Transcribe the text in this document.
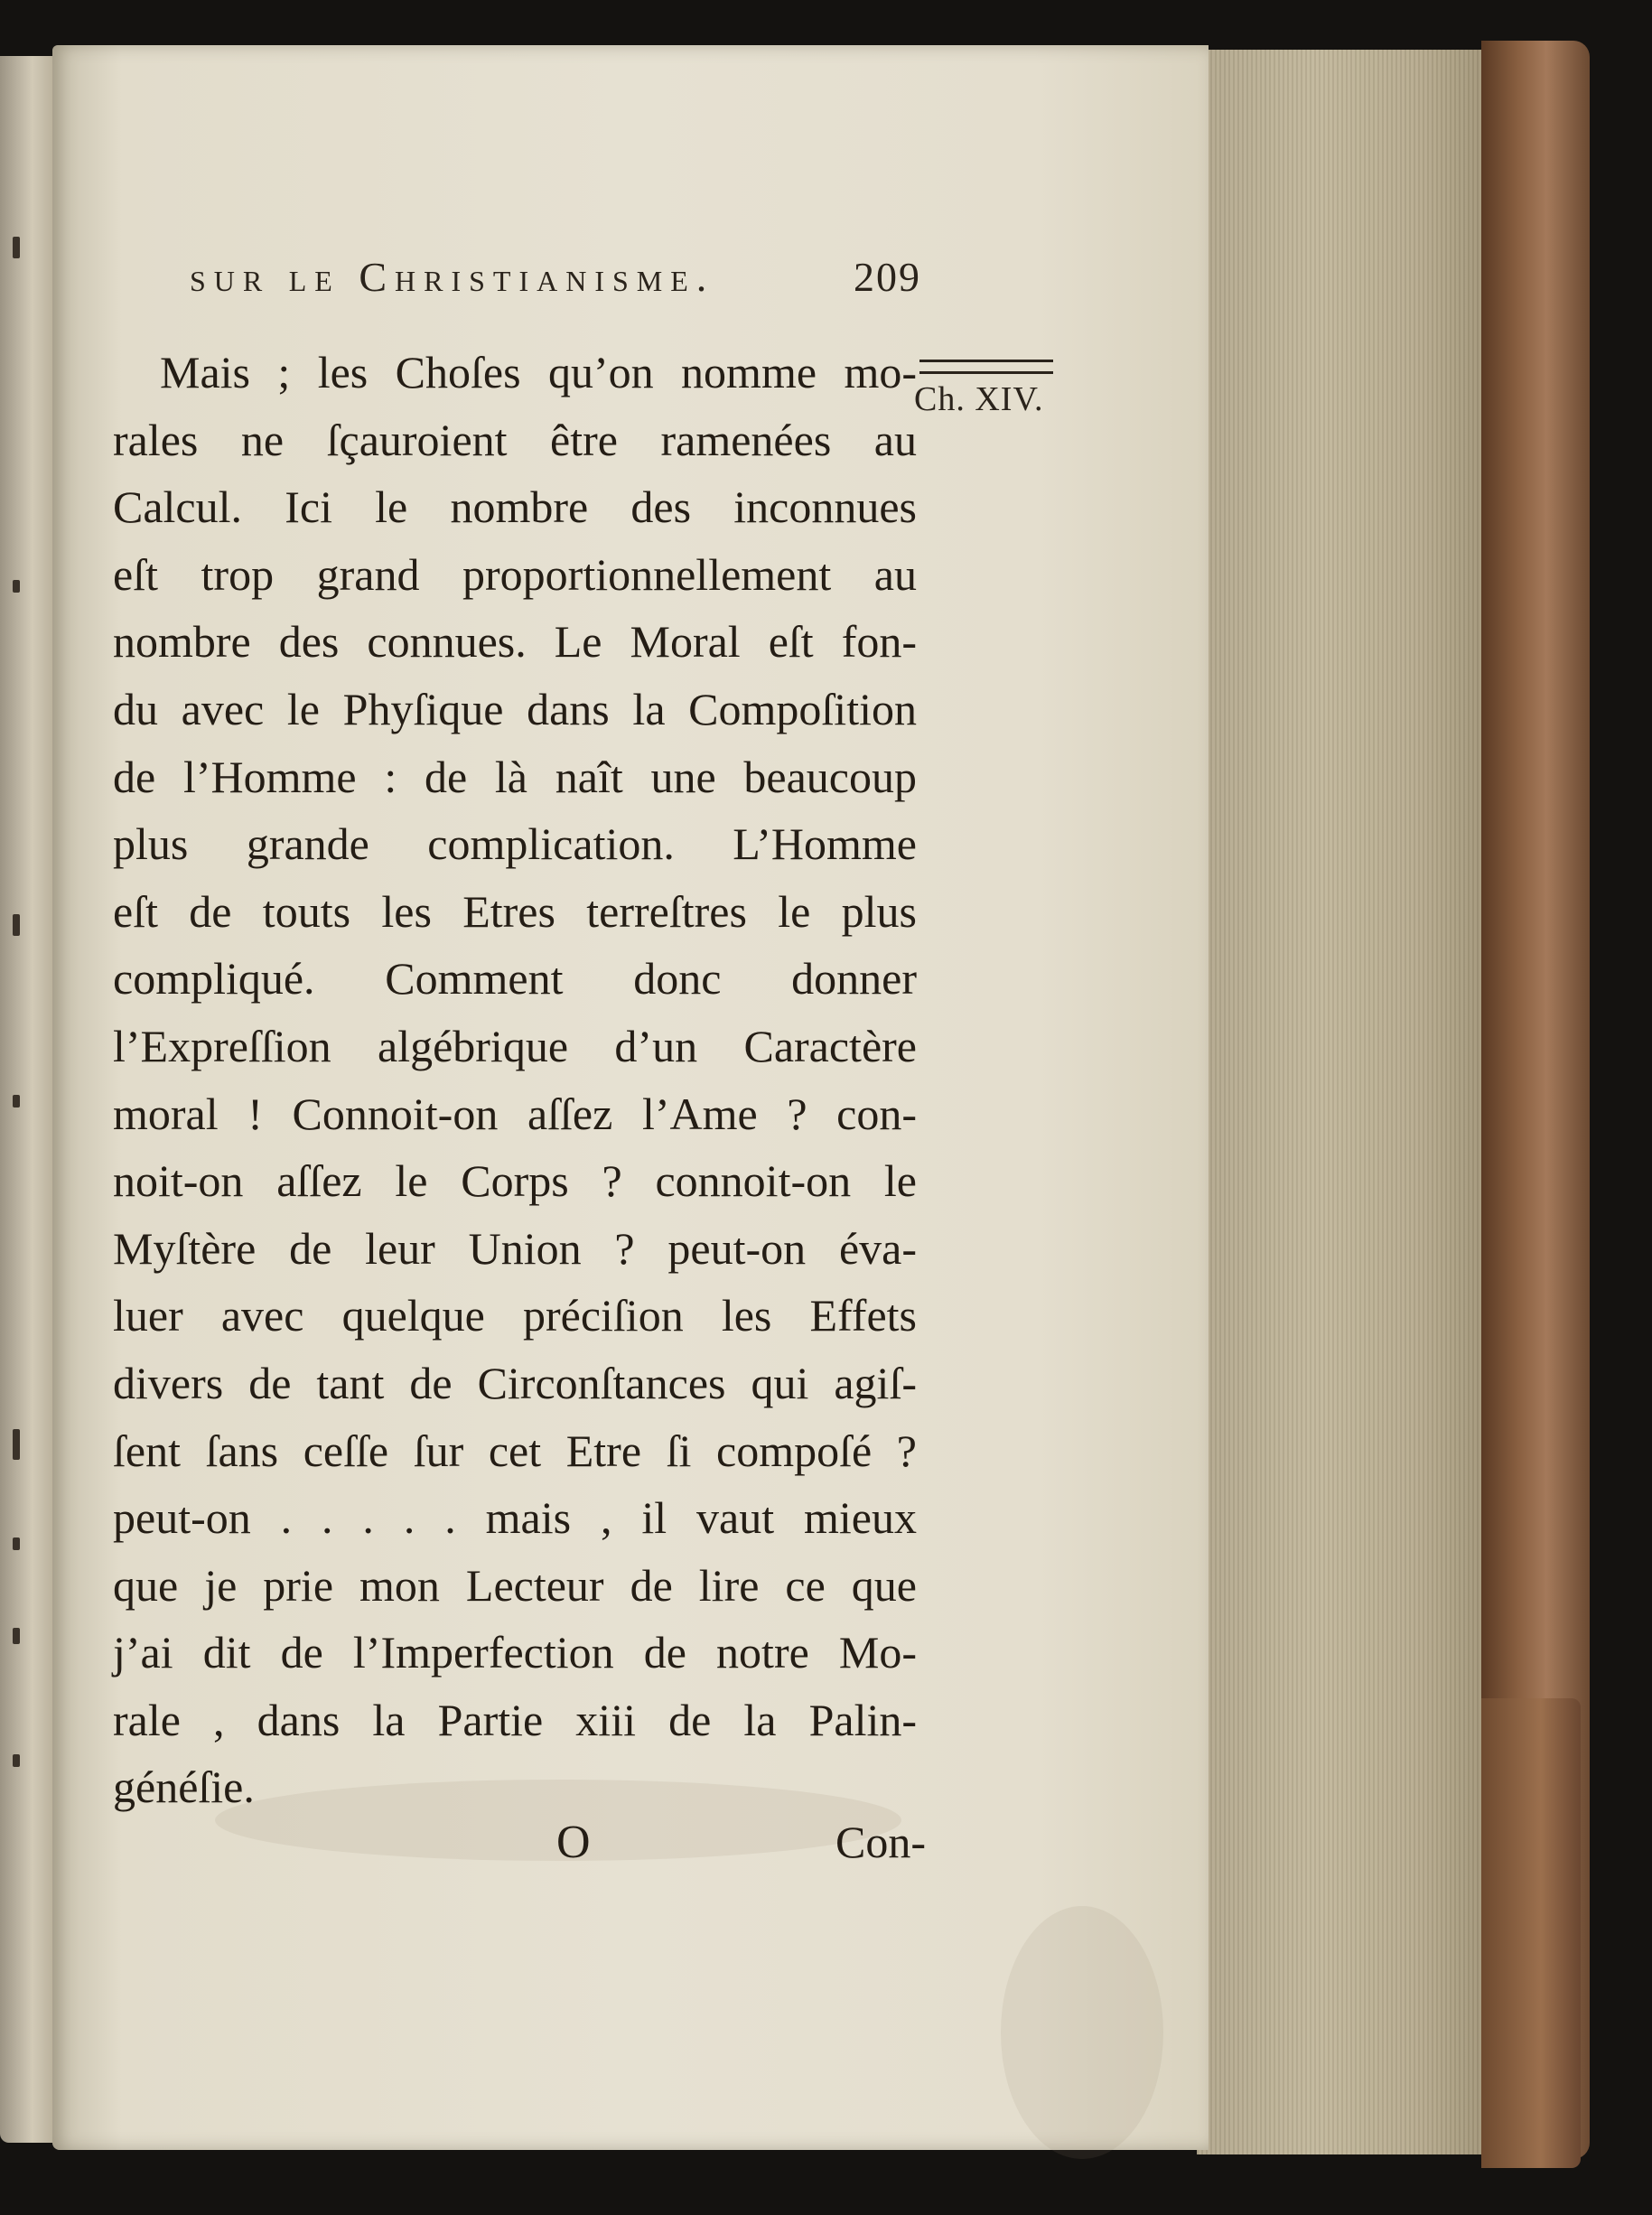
sur le Christianisme.	209
Ch. XIV.
Mais ; les Choſes qu’on nomme mo-
rales ne ſçauroient être ramenées au
Calcul. Ici le nombre des inconnues
eſt trop grand proportionnellement au
nombre des connues. Le Moral eſt fon-
du avec le Phyſique dans la Compoſition
de l’Homme : de là naît une beaucoup
plus grande complication. L’Homme
eſt de touts les Etres terreſtres le plus
compliqué. Comment donc donner
l’Expreſſion algébrique d’un Caractère
moral ! Connoit-on aſſez l’Ame ? con-
noit-on aſſez le Corps ? connoit-on le
Myſtère de leur Union ? peut-on éva-
luer avec quelque préciſion les Effets
divers de tant de Circonſtances qui agiſ-
ſent ſans ceſſe ſur cet Etre ſi compoſé ?
peut-on . . . . . mais , il vaut mieux
que je prie mon Lecteur de lire ce que
j’ai dit de l’Imperfection de notre Mo-
rale , dans la Partie xiii de la Palin-
généſie.
O	Con-
